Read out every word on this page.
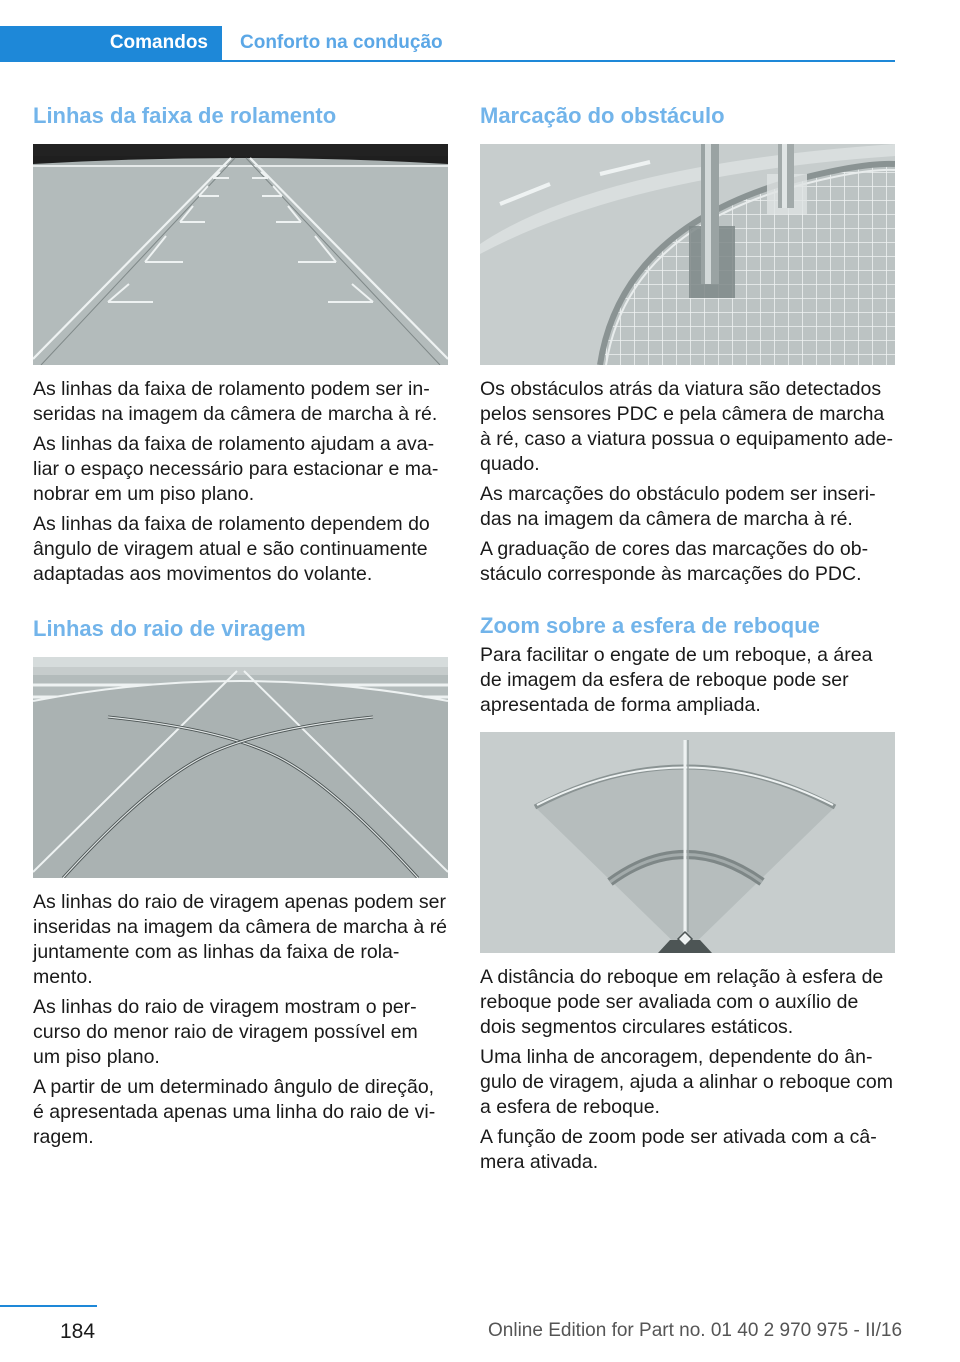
Comandos	Conforto na condução
Linhas da faixa de rolamento

As linhas da faixa de rolamento podem ser in‐ seridas na imagem da câmera de marcha à ré.

As linhas da faixa de rolamento ajudam a ava‐ liar o espaço necessário para estacionar e ma‐ nobrar em um piso plano.

As linhas da faixa de rolamento dependem do ângulo de viragem atual e são continuamente adaptadas aos movimentos do volante.

Linhas do raio de viragem

As linhas do raio de viragem apenas podem ser inseridas na imagem da câmera de marcha à ré juntamente com as linhas da faixa de rola‐ mento.

As linhas do raio de viragem mostram o per‐ curso do menor raio de viragem possível em um piso plano.

A partir de um determinado ângulo de direção, é apresentada apenas uma linha do raio de vi‐ ragem.

Marcação do obstáculo

Os obstáculos atrás da viatura são detectados pelos sensores PDC e pela câmera de marcha à ré, caso a viatura possua o equipamento ade‐ quado.

As marcações do obstáculo podem ser inseri‐ das na imagem da câmera de marcha à ré.

A graduação de cores das marcações do ob‐ stáculo corresponde às marcações do PDC.

Zoom sobre a esfera de reboque

Para facilitar o engate de um reboque, a área de imagem da esfera de reboque pode ser apresentada de forma ampliada.

A distância do reboque em relação à esfera de reboque pode ser avaliada com o auxílio de dois segmentos circulares estáticos.

Uma linha de ancoragem, dependente do ân‐ gulo de viragem, ajuda a alinhar o reboque com a esfera de reboque.

A função de zoom pode ser ativada com a câ‐ mera ativada.

184	Online Edition for Part no. 01 40 2 970 975 - II/16
